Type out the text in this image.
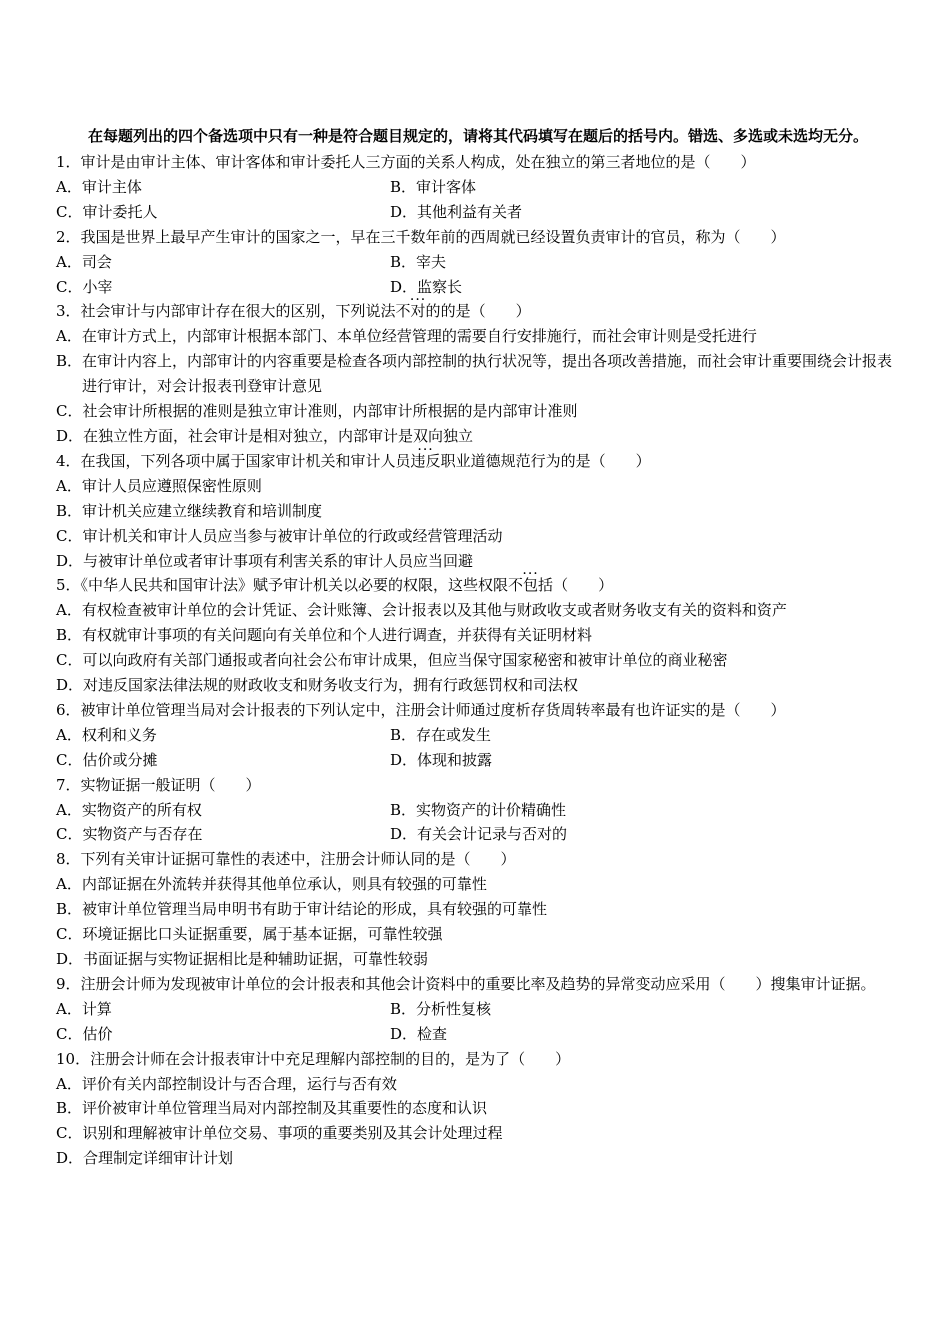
在每题列出的四个备选项中只有一种是符合题目规定的，请将其代码填写在题后的括号内。错选、多选或未选均无分。
1．审计是由审计主体、审计客体和审计委托人三方面的关系人构成，处在独立的第三者地位的是（　　）
A．审计主体	B．审计客体
C．审计委托人	D．其他利益有关者
2．我国是世界上最早产生审计的国家之一，早在三千数年前的西周就已经设置负责审计的官员，称为（　　）
A．司会	B．宰夫
C．小宰	D．监察长
3．社会审计与内部审计存在很大的区别，下列说法不对的 ···的是（　　）
A．在审计方式上，内部审计根据本部门、本单位经营管理的需要自行安排施行，而社会审计则是受托进行
B．在审计内容上，内部审计的内容重要是检查各项内部控制的执行状况等，提出各项改善措施，而社会审计重要围绕会计报表进行审计，对会计报表刊登审计意见
C．社会审计所根据的准则是独立审计准则，内部审计所根据的是内部审计准则
D．在独立性方面，社会审计是相对独立，内部审计是双向独立
4．在我国，下列各项中属于国家审计机关和审计人员违反 ···职业道德规范行为的是（　　）
A．审计人员应遵照保密性原则
B．审计机关应建立继续教育和培训制度
C．审计机关和审计人员应当参与被审计单位的行政或经营管理活动
D．与被审计单位或者审计事项有利害关系的审计人员应当回避
5．《中华人民共和国审计法》赋予审计机关以必要的权限，这些权限不包括 ···（　　）
A．有权检查被审计单位的会计凭证、会计账簿、会计报表以及其他与财政收支或者财务收支有关的资料和资产
B．有权就审计事项的有关问题向有关单位和个人进行调查，并获得有关证明材料
C．可以向政府有关部门通报或者向社会公布审计成果，但应当保守国家秘密和被审计单位的商业秘密
D．对违反国家法律法规的财政收支和财务收支行为，拥有行政惩罚权和司法权
6．被审计单位管理当局对会计报表的下列认定中，注册会计师通过度析存货周转率最有也许证实的是（　　）
A．权利和义务	B．存在或发生
C．估价或分摊	D．体现和披露
7．实物证据一般证明（　　）
A．实物资产的所有权	B．实物资产的计价精确性
C．实物资产与否存在	D．有关会计记录与否对的
8．下列有关审计证据可靠性的表述中，注册会计师认同的是（　　）
A．内部证据在外流转并获得其他单位承认，则具有较强的可靠性
B．被审计单位管理当局申明书有助于审计结论的形成，具有较强的可靠性
C．环境证据比口头证据重要，属于基本证据，可靠性较强
D．书面证据与实物证据相比是种辅助证据，可靠性较弱
9．注册会计师为发现被审计单位的会计报表和其他会计资料中的重要比率及趋势的异常变动应采用（　　）搜集审计证据。
A．计算	B．分析性复核
C．估价	D．检查
10．注册会计师在会计报表审计中充足理解内部控制的目的，是为了（　　）
A．评价有关内部控制设计与否合理，运行与否有效
B．评价被审计单位管理当局对内部控制及其重要性的态度和认识
C．识别和理解被审计单位交易、事项的重要类别及其会计处理过程
D．合理制定详细审计计划
